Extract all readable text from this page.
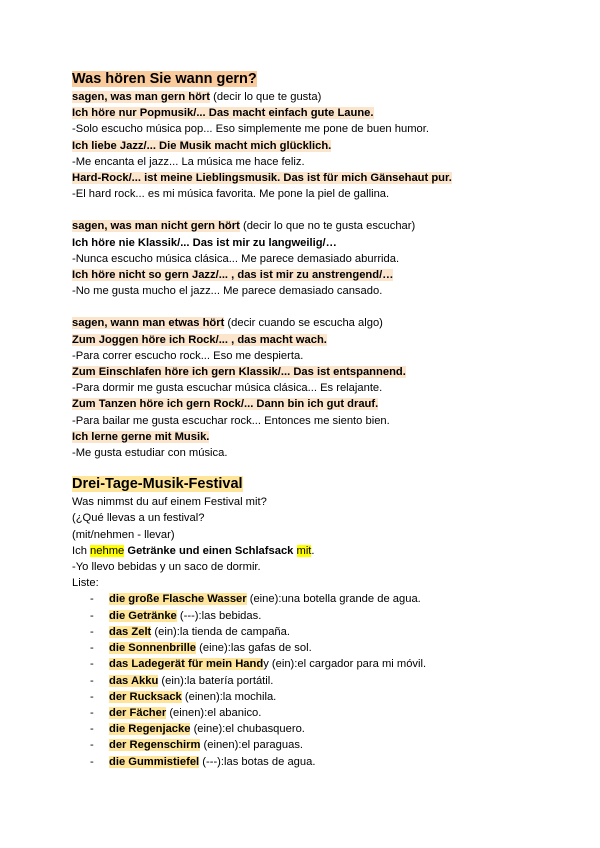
Was hören Sie wann gern?
sagen, was man gern hört (decir lo que te gusta)
Ich höre nur Popmusik/... Das macht einfach gute Laune.
-Solo escucho música pop... Eso simplemente me pone de buen humor.
Ich liebe Jazz/... Die Musik macht mich glücklich.
-Me encanta el jazz... La música me hace feliz.
Hard-Rock/... ist meine Lieblingsmusik. Das ist für mich Gänsehaut pur.
-El hard rock... es mi música favorita. Me pone la piel de gallina.
sagen, was man nicht gern hört (decir lo que no te gusta escuchar)
Ich höre nie Klassik/... Das ist mir zu langweilig/…
-Nunca escucho música clásica... Me parece demasiado aburrida.
Ich höre nicht so gern Jazz/... , das ist mir zu anstrengend/…
-No me gusta mucho el jazz... Me parece demasiado cansado.
sagen, wann man etwas hört (decir cuando se escucha algo)
Zum Joggen höre ich Rock/... , das macht wach.
-Para correr escucho rock... Eso me despierta.
Zum Einschlafen höre ich gern Klassik/... Das ist entspannend.
-Para dormir me gusta escuchar música clásica... Es relajante.
Zum Tanzen höre ich gern Rock/... Dann bin ich gut drauf.
-Para bailar me gusta escuchar rock... Entonces me siento bien.
Ich lerne gerne mit Musik.
-Me gusta estudiar con música.
Drei-Tage-Musik-Festival
Was nimmst du auf einem Festival mit?
(¿Qué llevas a un festival?
(mit/nehmen - llevar)
Ich nehme Getränke und einen Schlafsack mit.
-Yo llevo bebidas y un saco de dormir.
Liste:
- die große Flasche Wasser (eine):una botella grande de agua.
- die Getränke (---):las bebidas.
- das Zelt (ein):la tienda de campaña.
- die Sonnenbrille (eine):las gafas de sol.
- das Ladegerät für mein Handy (ein):el cargador para mi móvil.
- das Akku (ein):la batería portátil.
- der Rucksack (einen):la mochila.
- der Fächer (einen):el abanico.
- die Regenjacke (eine):el chubasquero.
- der Regenschirm (einen):el paraguas.
- die Gummistiefel (---):las botas de agua.
